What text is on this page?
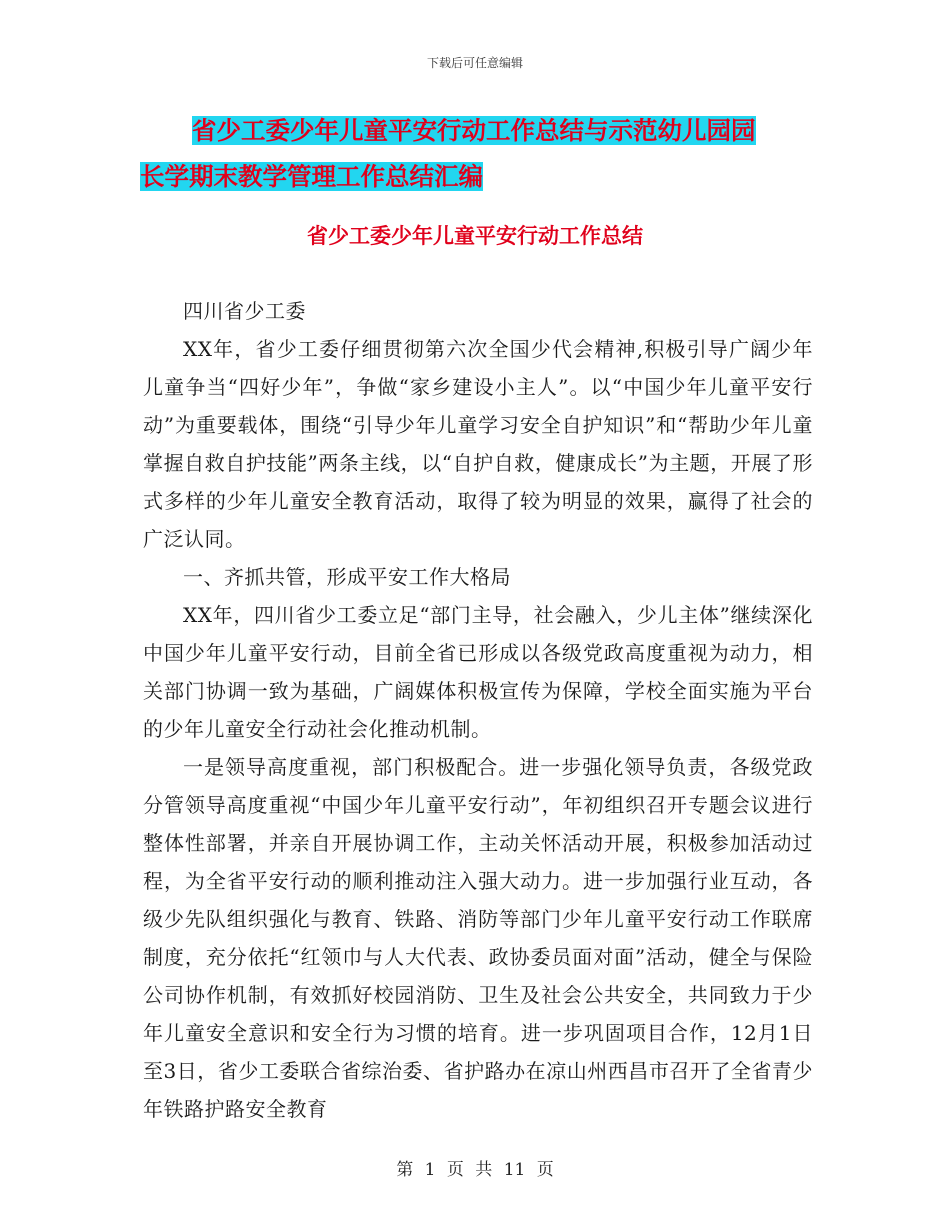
下载后可任意编辑
省少工委少年儿童平安行动工作总结与示范幼儿园园
长学期末教学管理工作总结汇编
省少工委少年儿童平安行动工作总结

四川省少工委

XX年，省少工委仔细贯彻第六次全国少代会精神,积极引导广阔少年儿童争当“四好少年”，争做“家乡建设小主人”。以“中国少年儿童平安行动”为重要载体，围绕“引导少年儿童学习安全自护知识”和“帮助少年儿童掌握自救自护技能”两条主线，以“自护自救，健康成长”为主题，开展了形式多样的少年儿童安全教育活动，取得了较为明显的效果，赢得了社会的广泛认同。

一、齐抓共管，形成平安工作大格局

XX年，四川省少工委立足“部门主导，社会融入，少儿主体”继续深化中国少年儿童平安行动，目前全省已形成以各级党政高度重视为动力，相关部门协调一致为基础，广阔媒体积极宣传为保障，学校全面实施为平台的少年儿童安全行动社会化推动机制。

一是领导高度重视，部门积极配合。进一步强化领导负责，各级党政分管领导高度重视“中国少年儿童平安行动”，年初组织召开专题会议进行整体性部署，并亲自开展协调工作，主动关怀活动开展，积极参加活动过程，为全省平安行动的顺利推动注入强大动力。进一步加强行业互动，各级少先队组织强化与教育、铁路、消防等部门少年儿童平安行动工作联席制度，充分依托“红领巾与人大代表、政协委员面对面”活动，健全与保险公司协作机制，有效抓好校园消防、卫生及社会公共安全，共同致力于少年儿童安全意识和安全行为习惯的培育。进一步巩固项目合作，12月1日至3日，省少工委联合省综治委、省护路办在凉山州西昌市召开了全省青少年铁路护路安全教育

第 1 页 共 11 页
